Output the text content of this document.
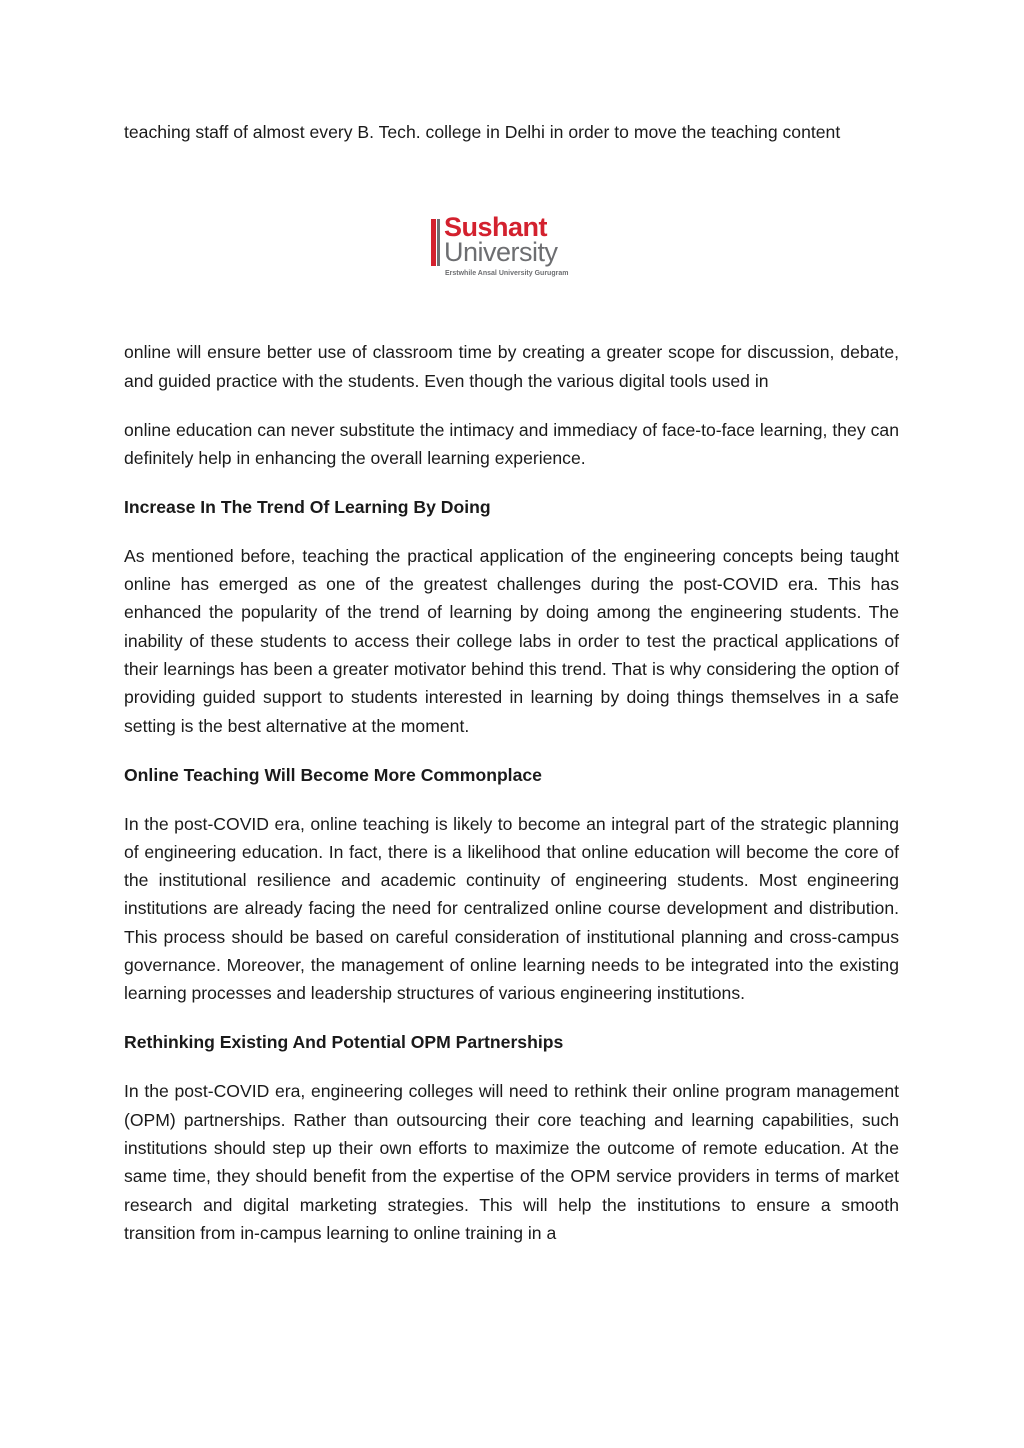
teaching staff of almost every B. Tech. college in Delhi in order to move the teaching content

Sushant
University
Erstwhile Ansal University Gurugram

online will ensure better use of classroom time by creating a greater scope for discussion, debate, and guided practice with the students. Even though the various digital tools used in

online education can never substitute the intimacy and immediacy of face-to-face learning, they can definitely help in enhancing the overall learning experience.

Increase In The Trend Of Learning By Doing

As mentioned before, teaching the practical application of the engineering concepts being taught online has emerged as one of the greatest challenges during the post-COVID era. This has enhanced the popularity of the trend of learning by doing among the engineering students. The inability of these students to access their college labs in order to test the practical applications of their learnings has been a greater motivator behind this trend. That is why considering the option of providing guided support to students interested in learning by doing things themselves in a safe setting is the best alternative at the moment.

Online Teaching Will Become More Commonplace

In the post-COVID era, online teaching is likely to become an integral part of the strategic planning of engineering education. In fact, there is a likelihood that online education will become the core of the institutional resilience and academic continuity of engineering students. Most engineering institutions are already facing the need for centralized online course development and distribution. This process should be based on careful consideration of institutional planning and cross-campus governance. Moreover, the management of online learning needs to be integrated into the existing learning processes and leadership structures of various engineering institutions.

Rethinking Existing And Potential OPM Partnerships

In the post-COVID era, engineering colleges will need to rethink their online program management (OPM) partnerships. Rather than outsourcing their core teaching and learning capabilities, such institutions should step up their own efforts to maximize the outcome of remote education. At the same time, they should benefit from the expertise of the OPM service providers in terms of market research and digital marketing strategies. This will help the institutions to ensure a smooth transition from in-campus learning to online training in a
